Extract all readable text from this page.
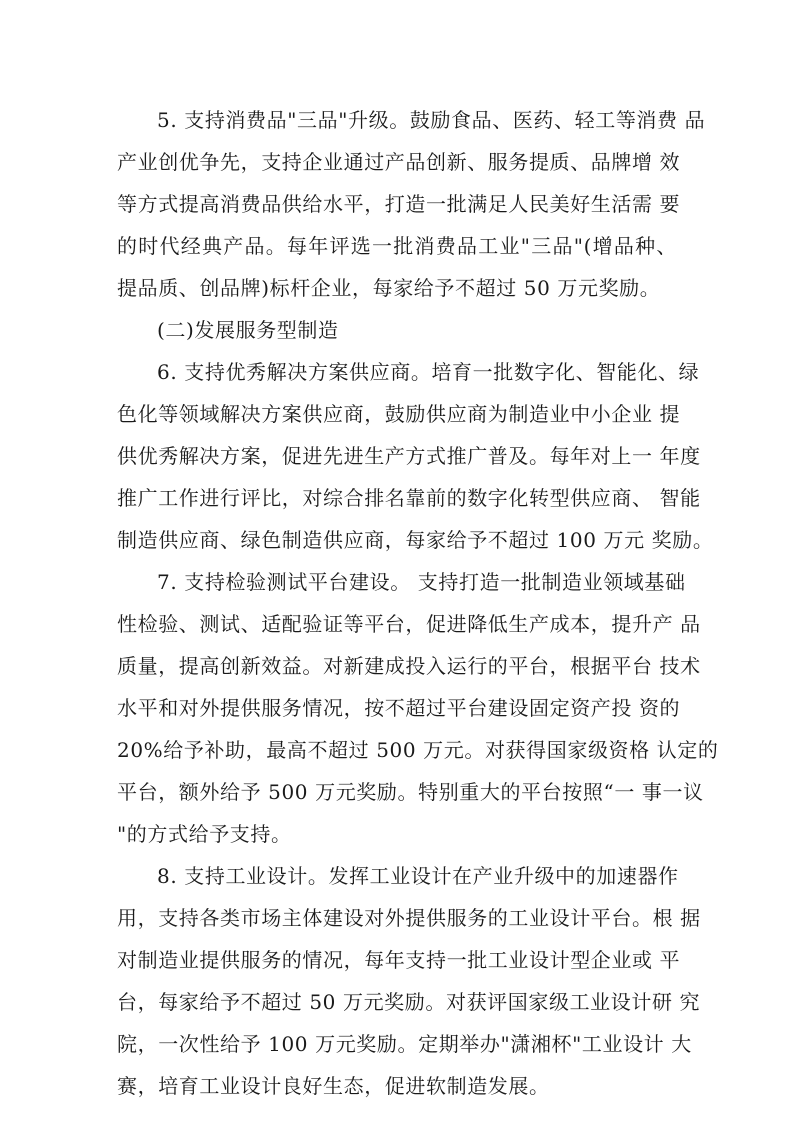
5. 支持消费品"三品"升级。鼓励食品、医药、轻工等消费 品

产业创优争先，支持企业通过产品创新、服务提质、品牌增 效

等方式提高消费品供给水平，打造一批满足人民美好生活需 要

的时代经典产品。每年评选一批消费品工业"三品"(增品种、

提品质、创品牌)标杆企业，每家给予不超过 50 万元奖励。

(二)发展服务型制造

6. 支持优秀解决方案供应商。培育一批数字化、智能化、绿

色化等领域解决方案供应商，鼓励供应商为制造业中小企业 提

供优秀解决方案，促进先进生产方式推广普及。每年对上一 年度

推广工作进行评比，对综合排名靠前的数字化转型供应商、 智能

制造供应商、绿色制造供应商，每家给予不超过 100 万元 奖励。

7. 支持检验测试平台建设。 支持打造一批制造业领域基础

性检验、测试、适配验证等平台，促进降低生产成本，提升产 品

质量，提高创新效益。对新建成投入运行的平台，根据平台 技术

水平和对外提供服务情况，按不超过平台建设固定资产投 资的

20%给予补助，最高不超过 500 万元。对获得国家级资格 认定的

平台，额外给予 500 万元奖励。特别重大的平台按照“一 事一议

"的方式给予支持。

8. 支持工业设计。发挥工业设计在产业升级中的加速器作

用，支持各类市场主体建设对外提供服务的工业设计平台。根 据

对制造业提供服务的情况，每年支持一批工业设计型企业或 平

台，每家给予不超过 50 万元奖励。对获评国家级工业设计研 究

院，一次性给予 100 万元奖励。定期举办"潇湘杯"工业设计 大

赛，培育工业设计良好生态，促进软制造发展。
